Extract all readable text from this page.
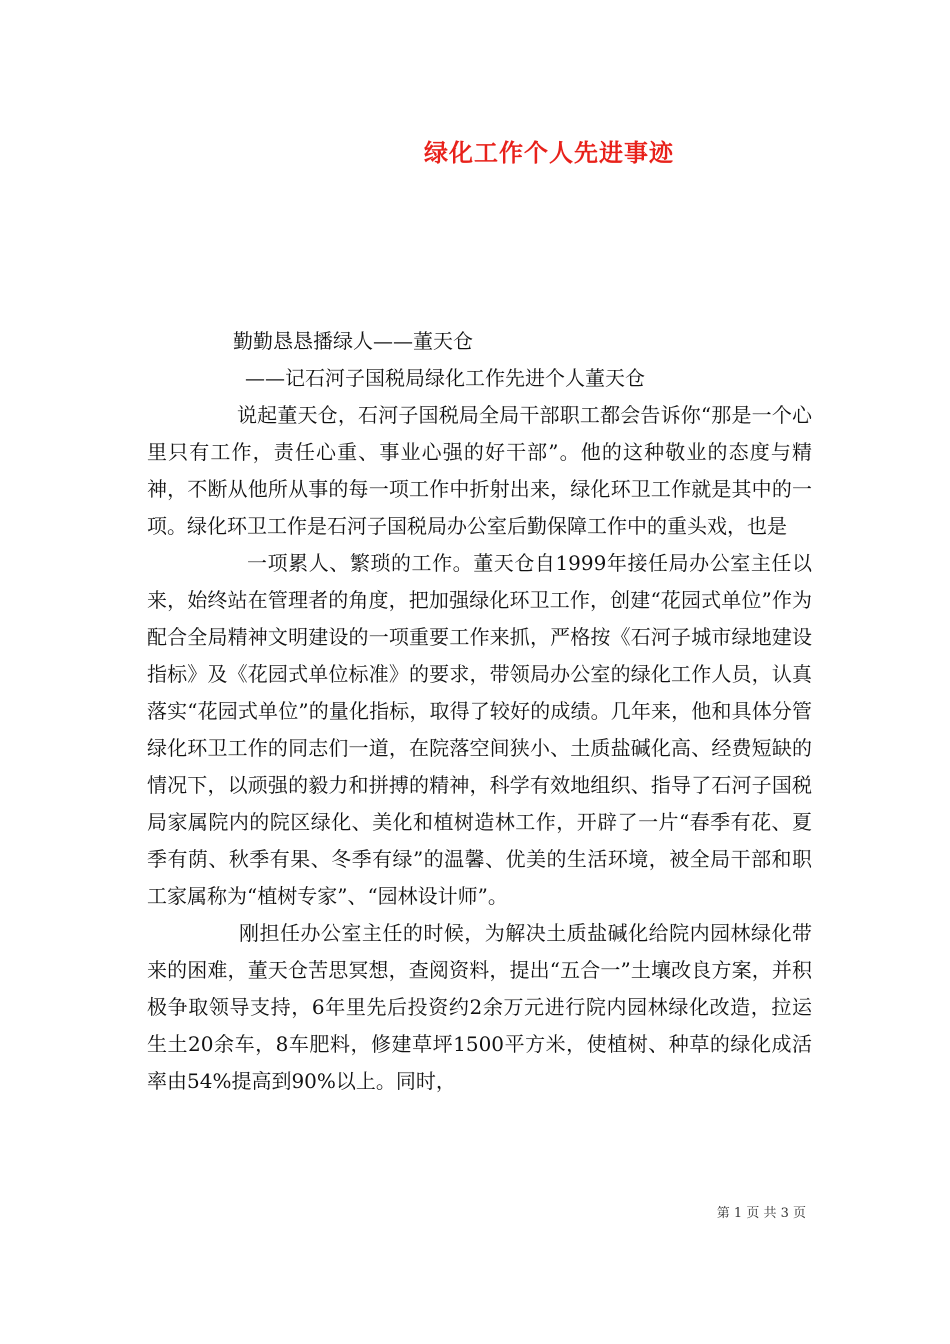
绿化工作个人先进事迹

勤勤恳恳播绿人——董天仓

——记石河子国税局绿化工作先进个人董天仓

说起董天仓，石河子国税局全局干部职工都会告诉你“那是一个心里只有工作，责任心重、事业心强的好干部”。他的这种敬业的态度与精神，不断从他所从事的每一项工作中折射出来，绿化环卫工作就是其中的一项。绿化环卫工作是石河子国税局办公室后勤保障工作中的重头戏，也是

一项累人、繁琐的工作。董天仓自1999年接任局办公室主任以来，始终站在管理者的角度，把加强绿化环卫工作，创建“花园式单位”作为配合全局精神文明建设的一项重要工作来抓，严格按《石河子城市绿地建设指标》及《花园式单位标准》的要求，带领局办公室的绿化工作人员，认真落实“花园式单位”的量化指标，取得了较好的成绩。几年来，他和具体分管绿化环卫工作的同志们一道，在院落空间狭小、土质盐碱化高、经费短缺的情况下，以顽强的毅力和拼搏的精神，科学有效地组织、指导了石河子国税局家属院内的院区绿化、美化和植树造林工作，开辟了一片“春季有花、夏季有荫、秋季有果、冬季有绿”的温馨、优美的生活环境，被全局干部和职工家属称为“植树专家”、“园林设计师”。

刚担任办公室主任的时候，为解决土质盐碱化给院内园林绿化带来的困难，董天仓苦思冥想，查阅资料，提出“五合一”土壤改良方案，并积极争取领导支持，6年里先后投资约2余万元进行院内园林绿化改造，拉运生土20余车，8车肥料，修建草坪1500平方米，使植树、种草的绿化成活率由54%提高到90%以上。同时，

第 1 页 共 3 页
